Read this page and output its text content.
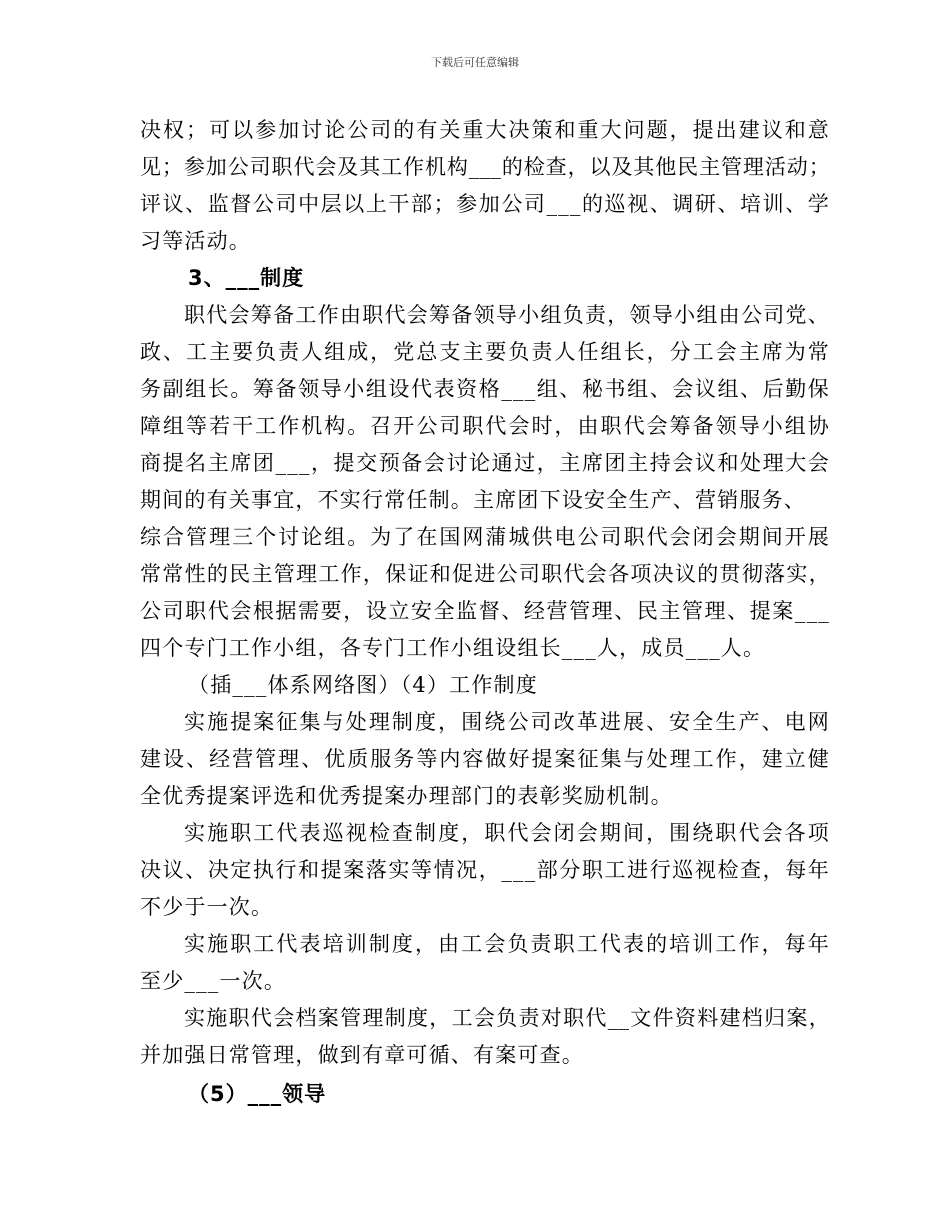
下载后可任意编辑
决权；可以参加讨论公司的有关重大决策和重大问题，提出建议和意
见；参加公司职代会及其工作机构___的检查，以及其他民主管理活动；
评议、监督公司中层以上干部；参加公司___的巡视、调研、培训、学
习等活动。
3、___制度
职代会筹备工作由职代会筹备领导小组负责，领导小组由公司党、
政、工主要负责人组成，党总支主要负责人任组长，分工会主席为常
务副组长。筹备领导小组设代表资格___组、秘书组、会议组、后勤保
障组等若干工作机构。召开公司职代会时，由职代会筹备领导小组协
商提名主席团___，提交预备会讨论通过，主席团主持会议和处理大会
期间的有关事宜，不实行常任制。主席团下设安全生产、营销服务、
综合管理三个讨论组。为了在国网蒲城供电公司职代会闭会期间开展
常常性的民主管理工作，保证和促进公司职代会各项决议的贯彻落实，
公司职代会根据需要，设立安全监督、经营管理、民主管理、提案___
四个专门工作小组，各专门工作小组设组长___人，成员___人。
（插___体系网络图）（4）工作制度
实施提案征集与处理制度，围绕公司改革进展、安全生产、电网
建设、经营管理、优质服务等内容做好提案征集与处理工作，建立健
全优秀提案评选和优秀提案办理部门的表彰奖励机制。
实施职工代表巡视检查制度，职代会闭会期间，围绕职代会各项
决议、决定执行和提案落实等情况，___部分职工进行巡视检查，每年
不少于一次。
实施职工代表培训制度，由工会负责职工代表的培训工作，每年
至少___一次。
实施职代会档案管理制度，工会负责对职代__文件资料建档归案，
并加强日常管理，做到有章可循、有案可查。
（5）___领导
